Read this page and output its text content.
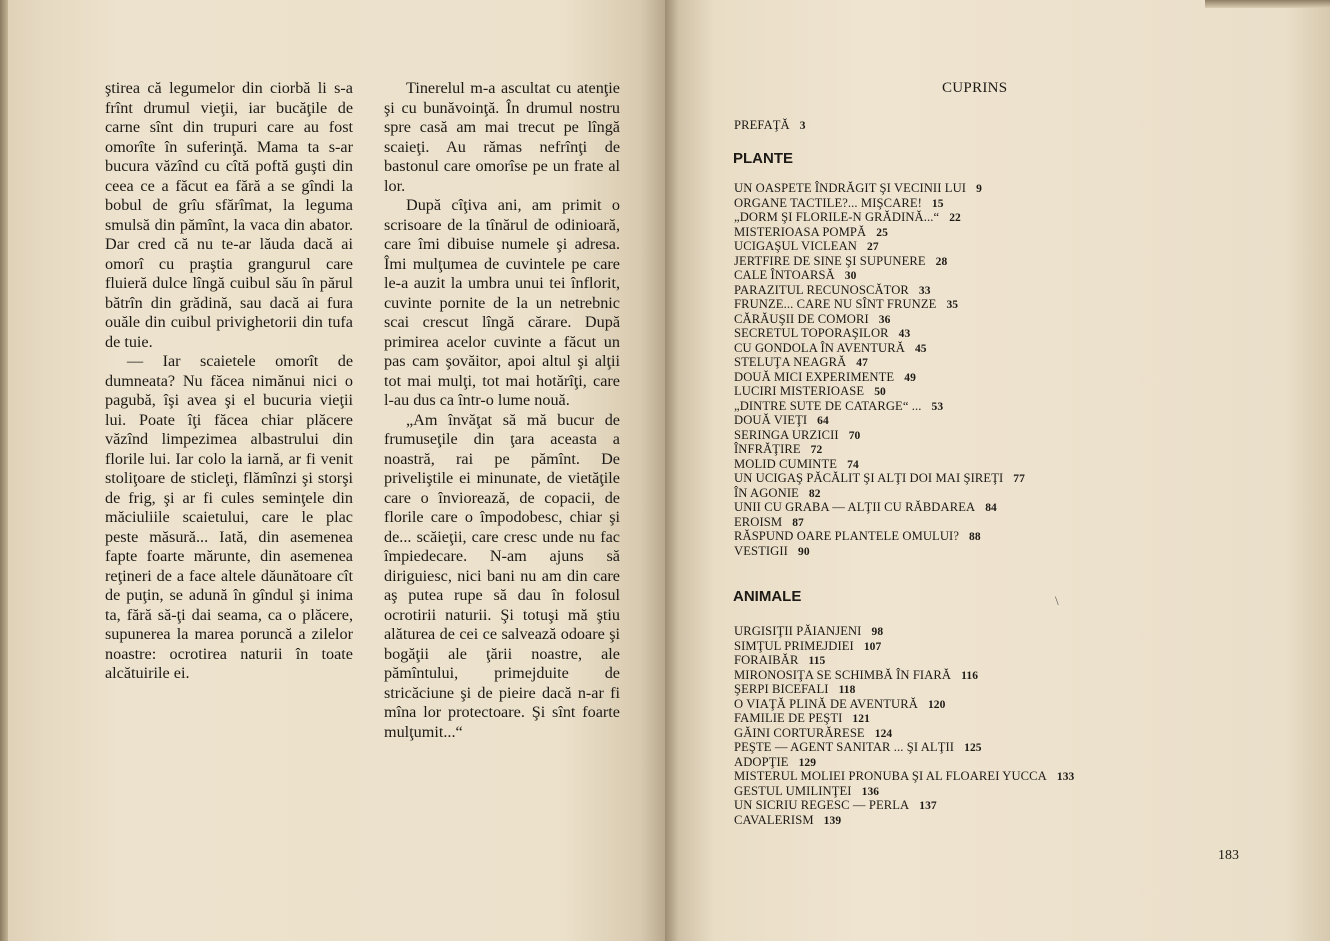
ştirea că legumelor din ciorbă li s-a frînt drumul vieţii, iar bucăţile de carne sînt din trupuri care au fost omorîte în suferinţă. Mama ta s-ar bucura văzînd cu cîtă poftă guşti din ceea ce a făcut ea fără a se gîndi la bobul de grîu sfărîmat, la leguma smulsă din pămînt, la vaca din abator. Dar cred că nu te-ar lăuda dacă ai omorî cu praştia grangurul care fluieră dulce lîngă cuibul său în părul bătrîn din grădină, sau dacă ai fura ouăle din cuibul privighetorii din tufa de tuie.

— Iar scaietele omorît de dumneata? Nu făcea nimănui nici o pagubă, îşi avea şi el bucuria vieţii lui. Poate îţi făcea chiar plăcere văzînd limpezimea albastrului din florile lui. Iar colo la iarnă, ar fi venit stoliţoare de sticleţi, flămînzi şi storşi de frig, şi ar fi cules seminţele din măciuliile scaietului, care le plac peste măsură... Iată, din asemenea fapte foarte mărunte, din asemenea reţineri de a face altele dăunătoare cît de puţin, se adună în gîndul şi inima ta, fără să-ţi dai seama, ca o plăcere, supunerea la marea poruncă a zilelor noastre: ocrotirea naturii în toate alcătuirile ei.

Tinerelul m-a ascultat cu atenţie şi cu bunăvoinţă. În drumul nostru spre casă am mai trecut pe lîngă scaieţi. Au rămas nefrînţi de bastonul care omorîse pe un frate al lor.

După cîţiva ani, am primit o scrisoare de la tînărul de odinioară, care îmi dibuise numele şi adresa. Îmi mulţumea de cuvintele pe care le-a auzit la umbra unui tei înflorit, cuvinte pornite de la un netrebnic scai crescut lîngă cărare. După primirea acelor cuvinte a făcut un pas cam şovăitor, apoi altul şi alţii tot mai mulţi, tot mai hotărîţi, care l-au dus ca într-o lume nouă.

„Am învăţat să mă bucur de frumuseţile din ţara aceasta a noastră, rai pe pămînt. De priveliştile ei minunate, de vietăţile care o înviorează, de copacii, de florile care o împodobesc, chiar şi de... scăieţii, care cresc unde nu fac împiedecare. N-am ajuns să diriguiesc, nici bani nu am din care aş putea rupe să dau în folosul ocrotirii naturii. Şi totuşi mă ştiu alăturea de cei ce salvează odoare şi bogăţii ale ţării noastre, ale pămîntului, primejduite de stricăciune şi de pieire dacă n-ar fi mîna lor protectoare. Şi sînt foarte mulţumit...“

CUPRINS
PREFAŢĂ 3
PLANTE
UN OASPETE ÎNDRĂGIT ŞI VECINII LUI 9
ORGANE TACTILE?... MIŞCARE! 15
„DORM ŞI FLORILE-N GRĂDINĂ...“ 22
MISTERIOASA POMPĂ 25
UCIGAŞUL VICLEAN 27
JERTFIRE DE SINE ŞI SUPUNERE 28
CALE ÎNTOARSĂ 30
PARAZITUL RECUNOSCĂTOR 33
FRUNZE... CARE NU SÎNT FRUNZE 35
CĂRĂUŞII DE COMORI 36
SECRETUL TOPORAŞILOR 43
CU GONDOLA ÎN AVENTURĂ 45
STELUŢA NEAGRĂ 47
DOUĂ MICI EXPERIMENTE 49
LUCIRI MISTERIOASE 50
„DINTRE SUTE DE CATARGE“ ... 53
DOUĂ VIEŢI 64
SERINGA URZICII 70
ÎNFRĂŢIRE 72
MOLID CUMINTE 74
UN UCIGAŞ PĂCĂLIT ŞI ALŢI DOI MAI ŞIREŢI 77
ÎN AGONIE 82
UNII CU GRABA — ALŢII CU RĂBDAREA 84
EROISM 87
RĂSPUND OARE PLANTELE OMULUI? 88
VESTIGII 90
ANIMALE	\
URGISIŢII PĂIANJENI 98
SIMŢUL PRIMEJDIEI 107
FORAIBĂR 115
MIRONOSIŢA SE SCHIMBĂ ÎN FIARĂ 116
ŞERPI BICEFALI 118
O VIAŢĂ PLINĂ DE AVENTURĂ 120
FAMILIE DE PEŞTI 121
GĂINI CORTURĂRESE 124
PEŞTE — AGENT SANITAR ... ŞI ALŢII 125
ADOPŢIE 129
MISTERUL MOLIEI PRONUBA ŞI AL FLOAREI YUCCA 133
GESTUL UMILINŢEI 136
UN SICRIU REGESC — PERLA 137
CAVALERISM 139
183
